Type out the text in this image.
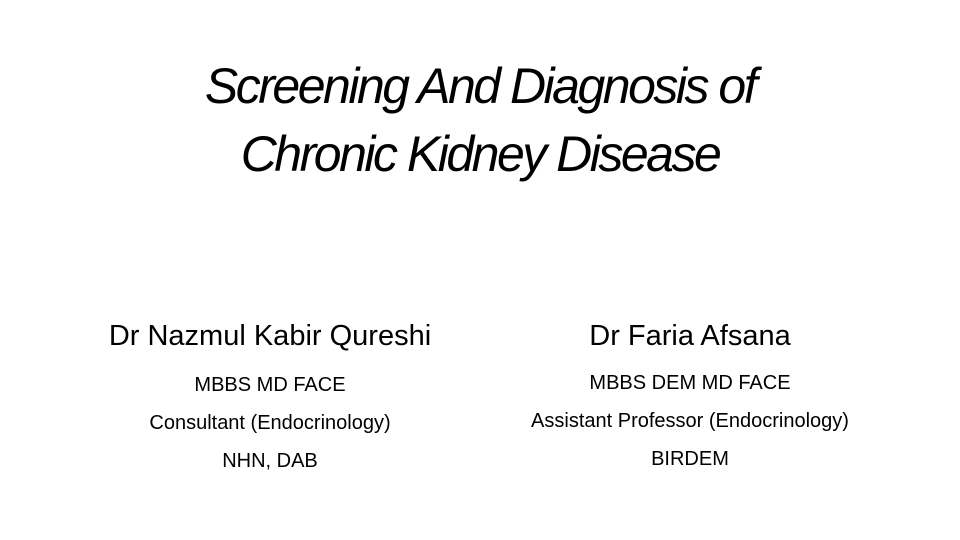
Screening And Diagnosis of
Chronic Kidney Disease
Dr Nazmul Kabir Qureshi
MBBS MD FACE
Consultant (Endocrinology)
NHN, DAB
Dr Faria Afsana
MBBS DEM MD FACE
Assistant Professor (Endocrinology)
BIRDEM
